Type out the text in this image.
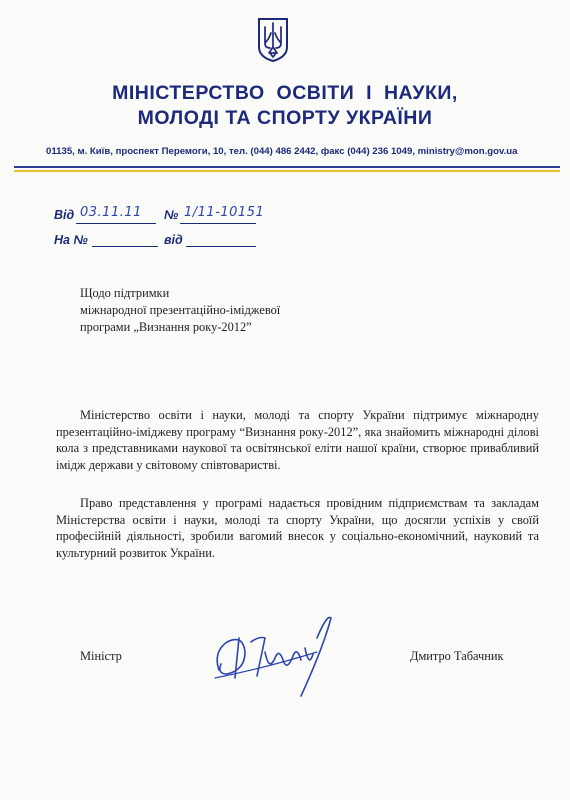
МІНІСТЕРСТВО ОСВІТИ І НАУКИ,
МОЛОДІ ТА СПОРТУ УКРАЇНИ
01135, м. Київ, проспект Перемоги, 10, тел. (044) 486 2442, факс (044) 236 1049, ministry@mon.gov.ua
Від 03.11.11 № 1/11-10151
На №	від
Щодо підтримки
міжнародної презентаційно-іміджевої
програми „Визнання року-2012”

Міністерство освіти і науки, молоді та спорту України підтримує міжнародну презентаційно-іміджеву програму “Визнання року-2012”, яка знайомить міжнародні ділові кола з представниками наукової та освітянської еліти нашої країни, створює привабливий імідж держави у світовому співтоваристві.

Право представлення у програмі надається провідним підприємствам та закладам Міністерства освіти і науки, молоді та спорту України, що досягли успіхів у своїй професійній діяльності, зробили вагомий внесок у соціально-економічний, науковий та культурний розвиток України.

Міністр	Дмитро Табачник
